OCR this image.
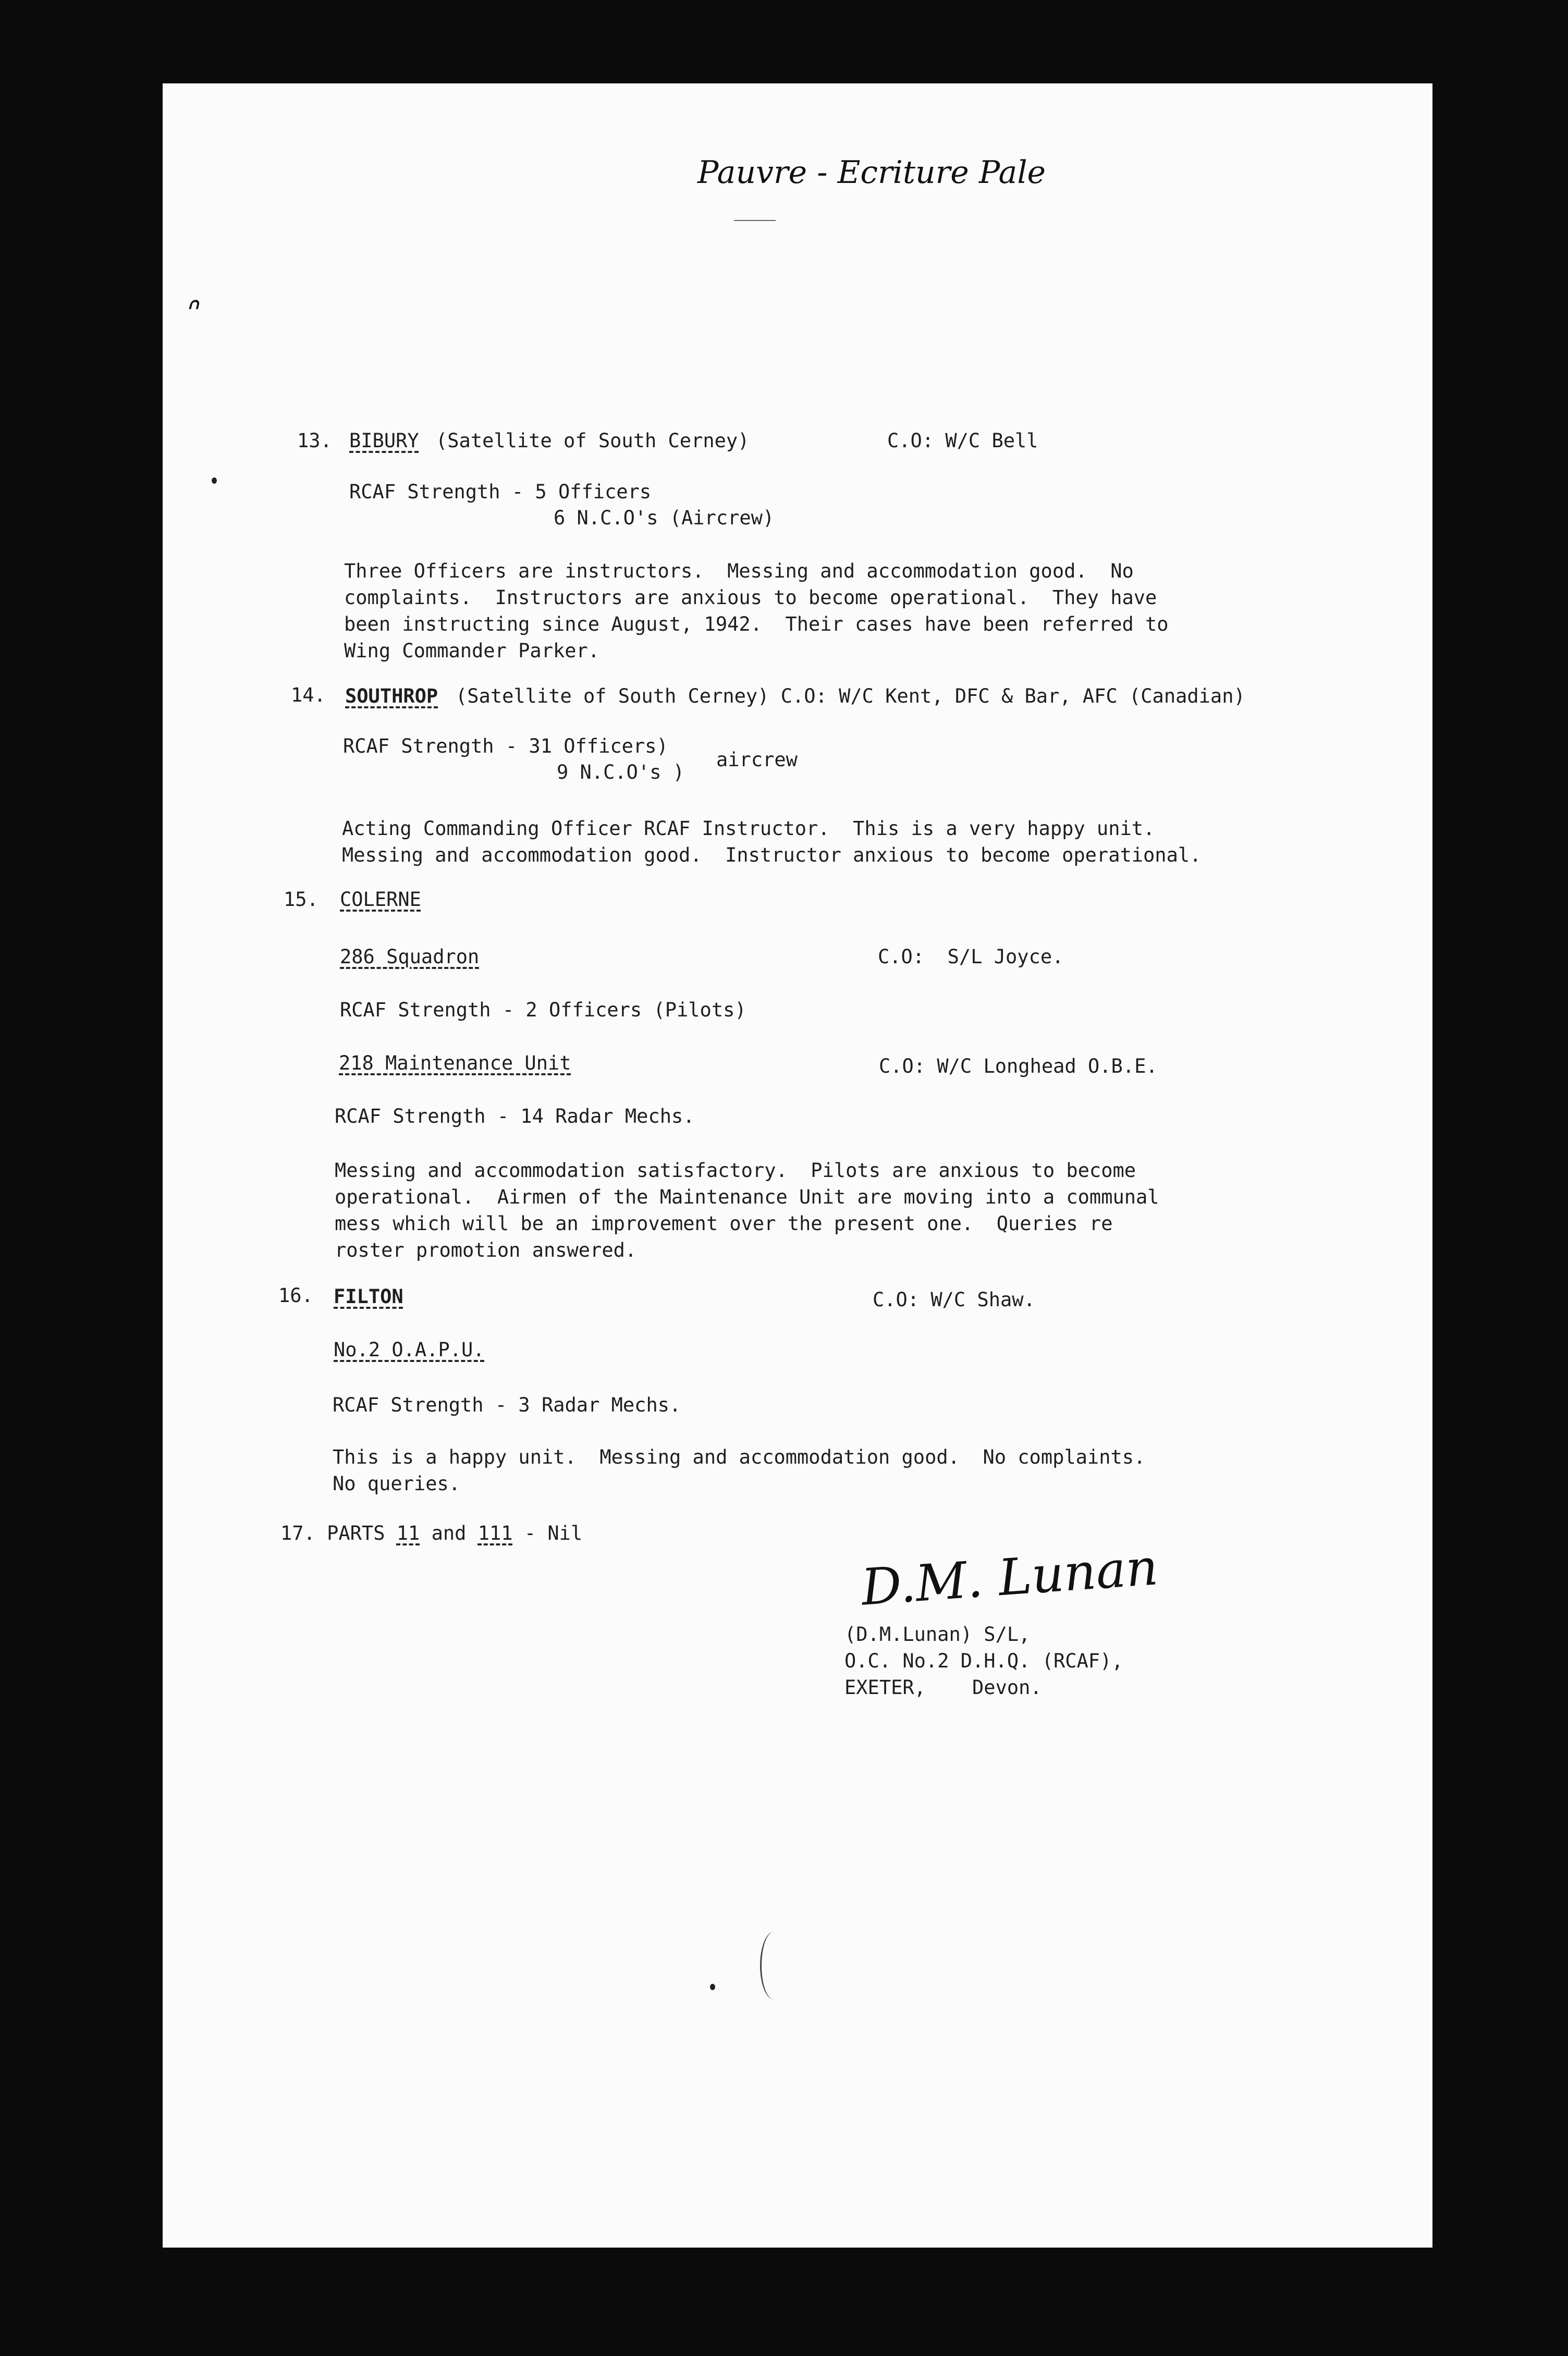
Pauvre - Ecriture Pale
ᐢ
13. BIBURY (Satellite of South Cerney)	C.O: W/C Bell
RCAF Strength - 5 Officers
6 N.C.O's (Aircrew)
Three Officers are instructors.  Messing and accommodation good.  No
complaints.  Instructors are anxious to become operational.  They have
been instructing since August, 1942.  Their cases have been referred to
Wing Commander Parker.
14. SOUTHROP (Satellite of South Cerney) C.O: W/C Kent, DFC & Bar, AFC (Canadian)
RCAF Strength - 31 Officers)
9 N.C.O's )
aircrew
Acting Commanding Officer RCAF Instructor.  This is a very happy unit.
Messing and accommodation good.  Instructor anxious to become operational.
15. COLERNE
286 Squadron	C.O:  S/L Joyce.
RCAF Strength - 2 Officers (Pilots)
218 Maintenance Unit	C.O: W/C Longhead O.B.E.
RCAF Strength - 14 Radar Mechs.
Messing and accommodation satisfactory.  Pilots are anxious to become
operational.  Airmen of the Maintenance Unit are moving into a communal
mess which will be an improvement over the present one.  Queries re
roster promotion answered.
16. FILTON	C.O: W/C Shaw.
No.2 O.A.P.U.
RCAF Strength - 3 Radar Mechs.
This is a happy unit.  Messing and accommodation good.  No complaints.
No queries.
17. PARTS 11 and 111 - Nil
D.M. Lunan
(D.M.Lunan) S/L,
O.C. No.2 D.H.Q. (RCAF),
EXETER,    Devon.
